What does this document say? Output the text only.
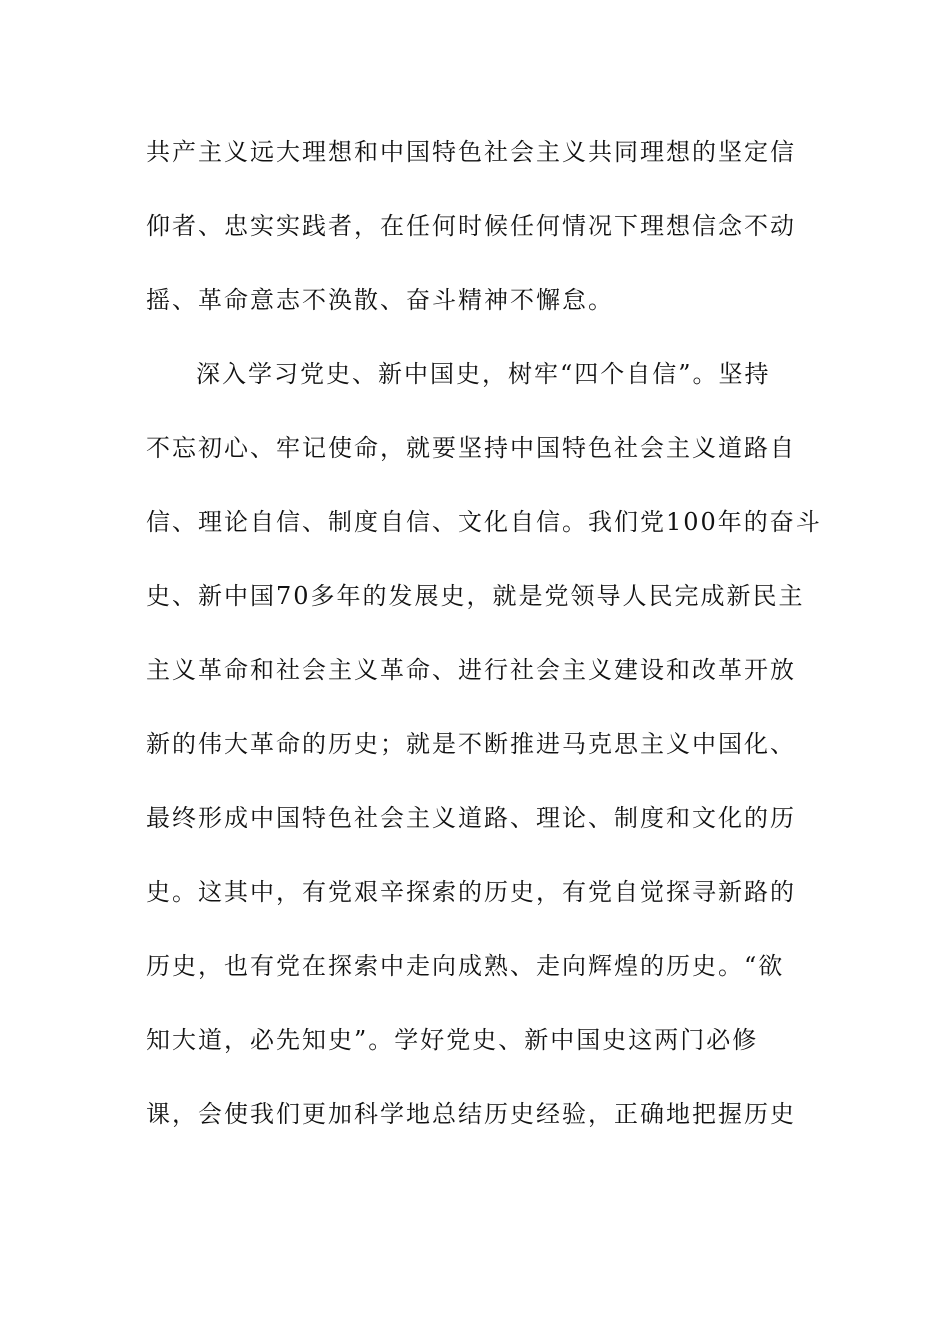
共产主义远大理想和中国特色社会主义共同理想的坚定信
仰者、忠实实践者，在任何时候任何情况下理想信念不动
摇、革命意志不涣散、奋斗精神不懈怠。
深入学习党史、新中国史，树牢“四个自信”。坚持
不忘初心、牢记使命，就要坚持中国特色社会主义道路自
信、理论自信、制度自信、文化自信。我们党100年的奋斗
史、新中国70多年的发展史，就是党领导人民完成新民主
主义革命和社会主义革命、进行社会主义建设和改革开放
新的伟大革命的历史；就是不断推进马克思主义中国化、
最终形成中国特色社会主义道路、理论、制度和文化的历
史。这其中，有党艰辛探索的历史，有党自觉探寻新路的
历史，也有党在探索中走向成熟、走向辉煌的历史。“欲
知大道，必先知史”。学好党史、新中国史这两门必修
课，会使我们更加科学地总结历史经验，正确地把握历史
